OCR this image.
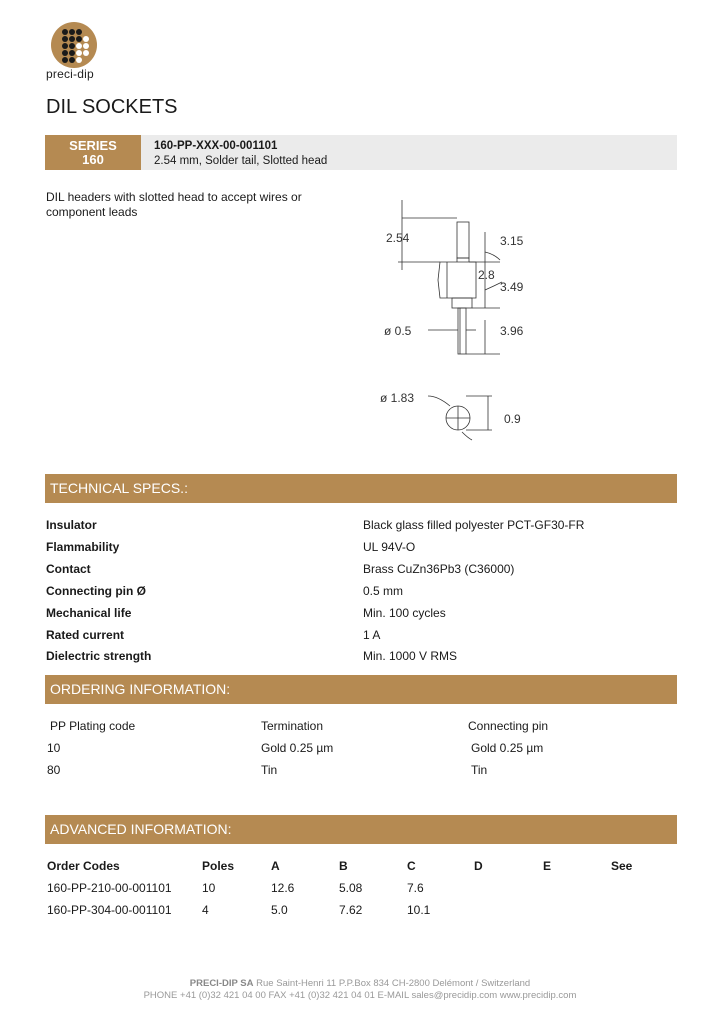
preci-dip
DIL SOCKETS
SERIES
160
160-PP-XXX-00-001101
2.54 mm, Solder tail, Slotted head
DIL headers with slotted head to accept wires or component leads
2.54	3.15
2.8
3.49
ø 0.5	3.96
ø 1.83
0.9
TECHNICAL SPECS.:
Insulator	Black glass filled polyester PCT-GF30-FR
Flammability	UL 94V-O
Contact	Brass CuZn36Pb3 (C36000)
Connecting pin Ø	0.5 mm
Mechanical life	Min. 100 cycles
Rated current	1 A
Dielectric strength	Min. 1000 V RMS
ORDERING INFORMATION:
PP Plating code	Termination	Connecting pin
10	Gold 0.25 µm	Gold 0.25 µm
80	Tin	Tin
ADVANCED INFORMATION:
Order Codes	Poles	A	B	C	D	E	See
160-PP-210-00-001101	10	12.6	5.08	7.6
160-PP-304-00-001101	4	5.0	7.62	10.1
PRECI-DIP SA Rue Saint-Henri 11 P.P.Box 834 CH-2800 Delémont / Switzerland
PHONE +41 (0)32 421 04 00 FAX +41 (0)32 421 04 01 E-MAIL sales@precidip.com www.precidip.com
